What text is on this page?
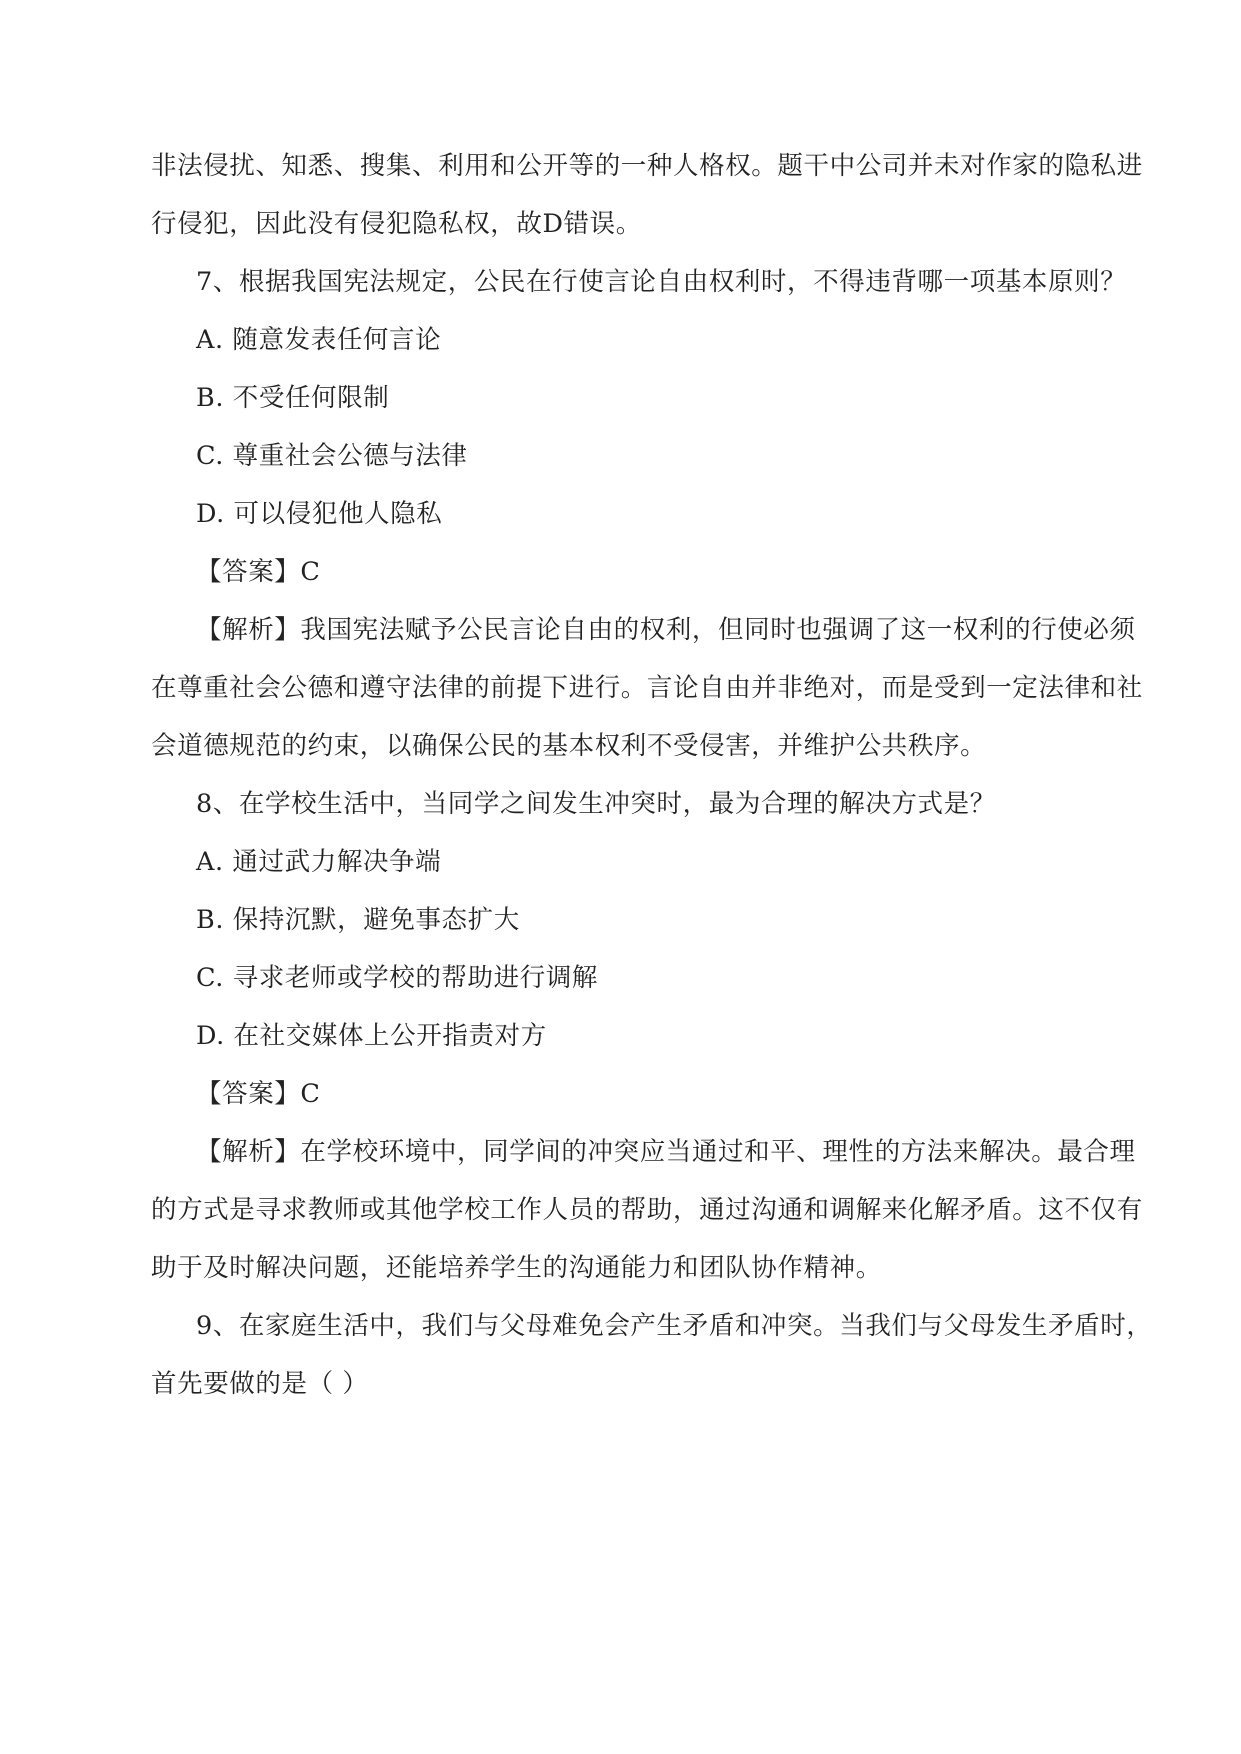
非法侵扰、知悉、搜集、利用和公开等的一种人格权。题干中公司并未对作家的隐私进
行侵犯，因此没有侵犯隐私权，故D错误。
7、根据我国宪法规定，公民在行使言论自由权利时，不得违背哪一项基本原则？
A. 随意发表任何言论
B. 不受任何限制
C. 尊重社会公德与法律
D. 可以侵犯他人隐私
【答案】C
【解析】我国宪法赋予公民言论自由的权利，但同时也强调了这一权利的行使必须
在尊重社会公德和遵守法律的前提下进行。言论自由并非绝对，而是受到一定法律和社
会道德规范的约束，以确保公民的基本权利不受侵害，并维护公共秩序。
8、在学校生活中，当同学之间发生冲突时，最为合理的解决方式是？
A. 通过武力解决争端
B. 保持沉默，避免事态扩大
C. 寻求老师或学校的帮助进行调解
D. 在社交媒体上公开指责对方
【答案】C
【解析】在学校环境中，同学间的冲突应当通过和平、理性的方法来解决。最合理
的方式是寻求教师或其他学校工作人员的帮助，通过沟通和调解来化解矛盾。这不仅有
助于及时解决问题，还能培养学生的沟通能力和团队协作精神。
9、在家庭生活中，我们与父母难免会产生矛盾和冲突。当我们与父母发生矛盾时，
首先要做的是（ ）
